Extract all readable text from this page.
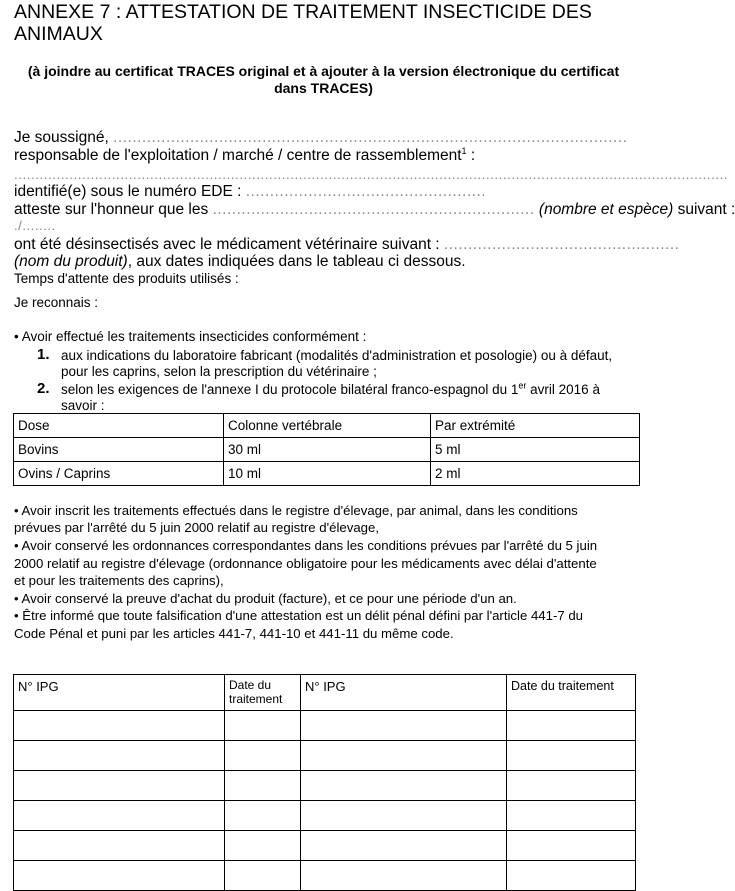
ANNEXE 7 : ATTESTATION DE TRAITEMENT INSECTICIDE DES
ANIMAUX
(à joindre au certificat TRACES original et à ajouter à la version électronique du certificat
dans TRACES)
Je soussigné, ...........................................................................................................
responsable de l'exploitation / marché / centre de rassemblement$^1$ :
........................................................................................................................................................................
identifié(e) sous le numéro EDE : ..................................................
atteste sur l'honneur que les ................................................................... (nombre et espèce) suivant :
./........
ont été désinsectisés avec le médicament vétérinaire suivant : .................................................
(nom du produit), aux dates indiquées dans le tableau ci dessous.
Temps d'attente des produits utilisés :
Je reconnais :
• Avoir effectué les traitements insecticides conformément :
1. aux indications du laboratoire fabricant (modalités d'administration et posologie) ou à défaut,
pour les caprins, selon la prescription du vétérinaire ;
2. selon les exigences de l'annexe I du protocole bilatéral franco-espagnol du 1er avril 2016 à
savoir :
Dose	Colonne vertébrale	Par extrémité
Bovins	30 ml	5 ml
Ovins / Caprins	10 ml	2 ml
• Avoir inscrit les traitements effectués dans le registre d'élevage, par animal, dans les conditions
prévues par l'arrêté du 5 juin 2000 relatif au registre d'élevage,
• Avoir conservé les ordonnances correspondantes dans les conditions prévues par l'arrêté du 5 juin
2000 relatif au registre d'élevage (ordonnance obligatoire pour les médicaments avec délai d'attente
et pour les traitements des caprins),
• Avoir conservé la preuve d'achat du produit (facture), et ce pour une période d'un an.
• Être informé que toute falsification d'une attestation est un délit pénal défini par l'article 441-7 du
Code Pénal et puni par les articles 441-7, 441-10 et 441-11 du même code.
N° IPG	Date du traitement	N° IPG	Date du traitement
